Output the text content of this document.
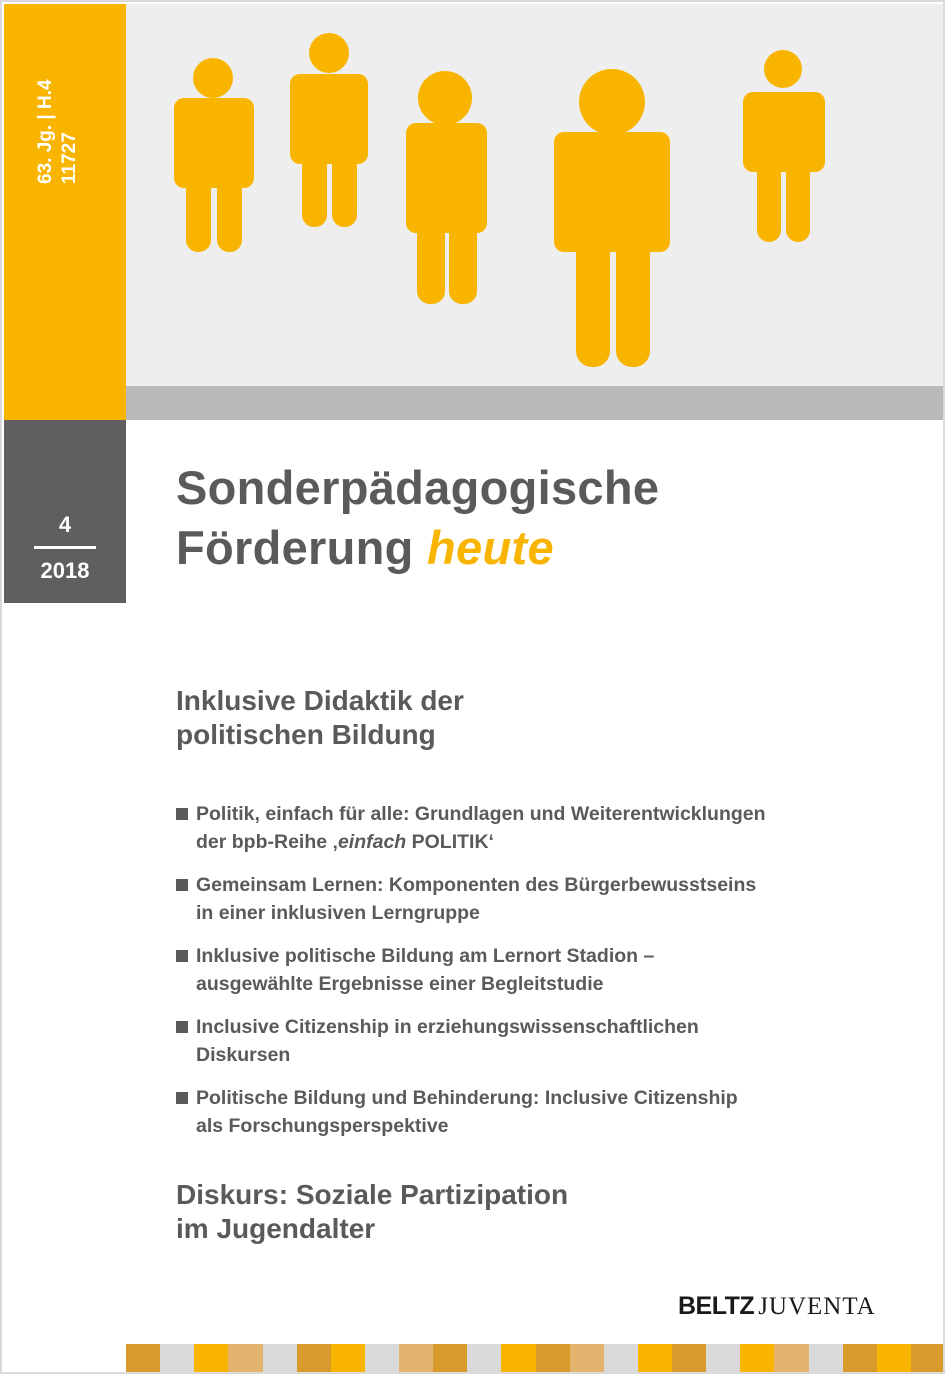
63. Jg. | H.4 11727
4
2018
Sonderpädagogische
Förderung heute
Inklusive Didaktik der
politischen Bildung
Politik, einfach für alle: Grundlagen und Weiterentwicklungen
der bpb-Reihe ‚einfach POLITIK‘
Gemeinsam Lernen: Komponenten des Bürgerbewusstseins
in einer inklusiven Lerngruppe
Inklusive politische Bildung am Lernort Stadion –
ausgewählte Ergebnisse einer Begleitstudie
Inclusive Citizenship in erziehungswissenschaftlichen
Diskursen
Politische Bildung und Behinderung: Inclusive Citizenship
als Forschungsperspektive
Diskurs: Soziale Partizipation
im Jugendalter
BELTZ JUVENTA
